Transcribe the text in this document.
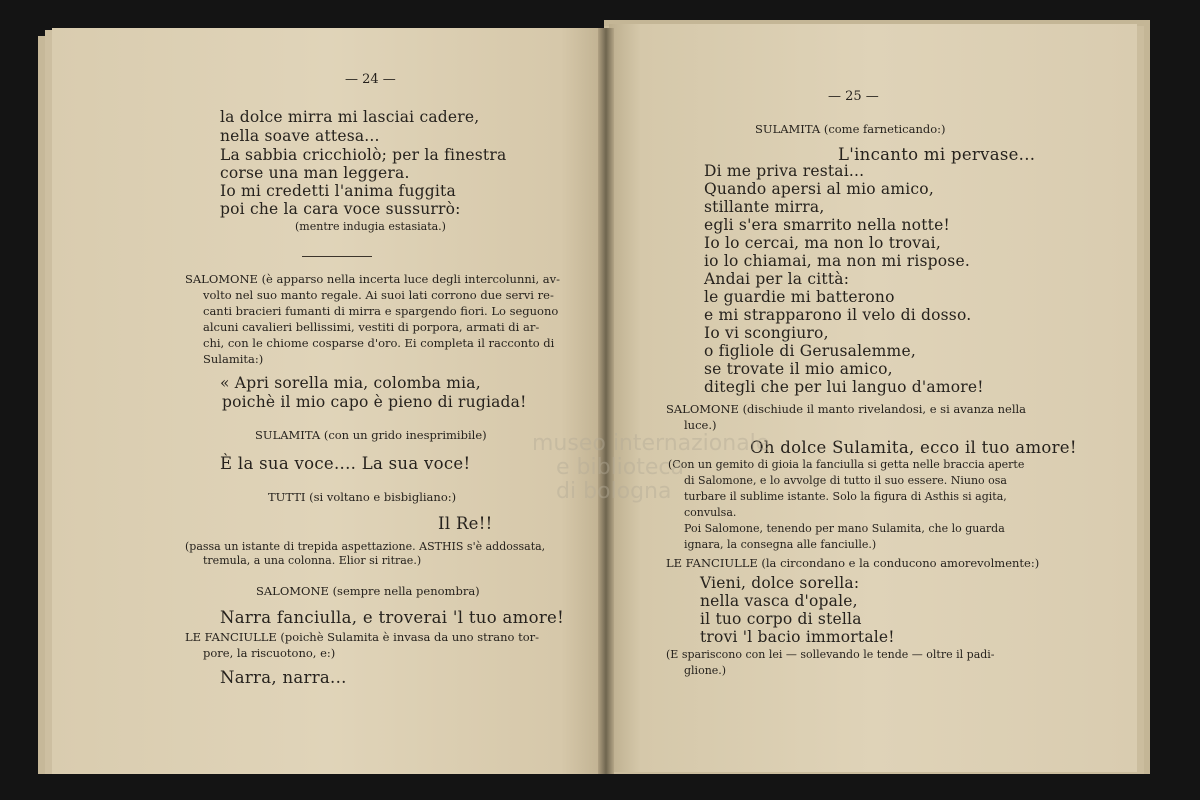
— 24 —
la dolce mirra mi lasciai cadere,
nella soave attesa...
La sabbia cricchiolò; per la finestra
corse una man leggera.
Io mi credetti l'anima fuggita
poi che la cara voce sussurrò:
(mentre indugia estasiata.)
SALOMONE (è apparso nella incerta luce degli intercolunni, av-
volto nel suo manto regale. Ai suoi lati corrono due servi re-
canti bracieri fumanti di mirra e spargendo fiori. Lo seguono
alcuni cavalieri bellissimi, vestiti di porpora, armati di ar-
chi, con le chiome cosparse d'oro. Ei completa il racconto di
Sulamita:)
« Apri sorella mia, colomba mia,
poichè il mio capo è pieno di rugiada!
SULAMITA (con un grido inesprimibile)
È la sua voce.... La sua voce!
TUTTI (si voltano e bisbigliano:)
Il Re!!
(passa un istante di trepida aspettazione. ASTHIS s'è addossata,
tremula, a una colonna. Elior si ritrae.)
SALOMONE (sempre nella penombra)
Narra fanciulla, e troverai 'l tuo amore!
LE FANCIULLE (poichè Sulamita è invasa da uno strano tor-
pore, la riscuotono, e:)
Narra, narra...
— 25 —
SULAMITA (come farneticando:)
L'incanto mi pervase...
Di me priva restai...
Quando apersi al mio amico,
stillante mirra,
egli s'era smarrito nella notte!
Io lo cercai, ma non lo trovai,
io lo chiamai, ma non mi rispose.
Andai per la città:
le guardie mi batterono
e mi strapparono il velo di dosso.
Io vi scongiuro,
o figliole di Gerusalemme,
se trovate il mio amico,
ditegli che per lui languo d'amore!
SALOMONE (dischiude il manto rivelandosi, e si avanza nella
luce.)
Oh dolce Sulamita, ecco il tuo amore!
(Con un gemito di gioia la fanciulla si getta nelle braccia aperte
di Salomone, e lo avvolge di tutto il suo essere. Niuno osa
turbare il sublime istante. Solo la figura di Asthis si agita,
convulsa.
Poi Salomone, tenendo per mano Sulamita, che lo guarda
ignara, la consegna alle fanciulle.)
LE FANCIULLE (la circondano e la conducono amorevolmente:)
Vieni, dolce sorella:
nella vasca d'opale,
il tuo corpo di stella
trovi 'l bacio immortale!
(E spariscono con lei — sollevando le tende — oltre il padi-
glione.)
museo internazionale
e biblioteca
di bologna
